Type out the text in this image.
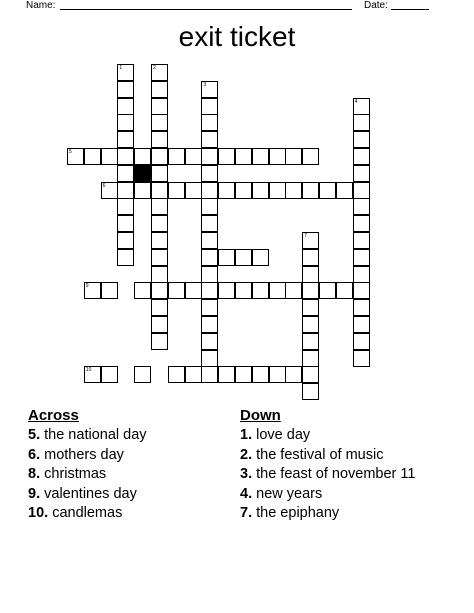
Name:	Date:
exit ticket
1	2
3
4
5
6
7
9
10
Across

5. the national day

6. mothers day

8. christmas

9. valentines day

10. candlemas

Down

1. love day

2. the festival of music

3. the feast of november 11

4. new years

7. the epiphany
